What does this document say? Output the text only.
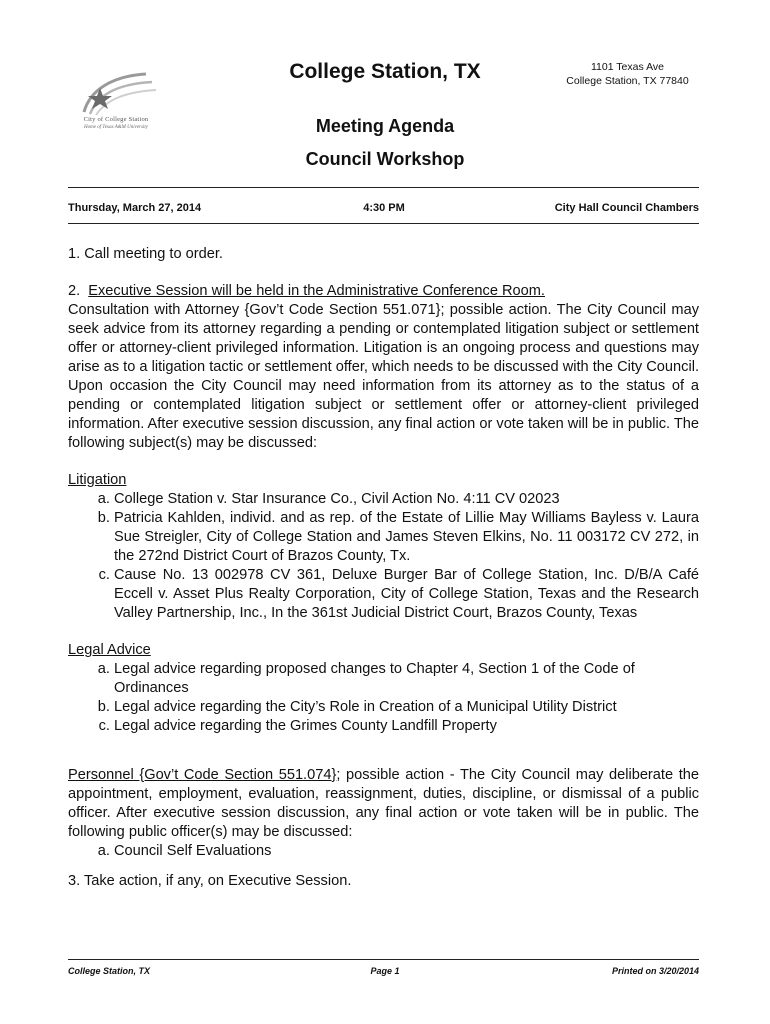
City of College Station
Home of Texas A&M University
College Station, TX	1101 Texas Ave
College Station, TX 77840
Meeting Agenda
Council Workshop
Thursday, March 27, 2014	4:30 PM	City Hall Council Chambers

1. Call meeting to order.

2.  Executive Session will be held in the Administrative Conference Room.

Consultation with Attorney {Gov’t Code Section 551.071}; possible action. The City Council may seek advice from its attorney regarding a pending or contemplated litigation subject or settlement offer or attorney-client privileged information. Litigation is an ongoing process and questions may arise as to a litigation tactic or settlement offer, which needs to be discussed with the City Council. Upon occasion the City Council may need information from its attorney as to the status of a pending or contemplated litigation subject or settlement offer or attorney-client privileged information. After executive session discussion, any final action or vote taken will be in public. The following subject(s) may be discussed:

Litigation

a. College Station v. Star Insurance Co., Civil Action No. 4:11 CV 02023
b. Patricia Kahlden, individ. and as rep. of the Estate of Lillie May Williams Bayless v. Laura Sue Streigler, City of College Station and James Steven Elkins, No. 11 003172 CV 272, in the 272nd District Court of Brazos County, Tx.
c. Cause No. 13 002978 CV 361, Deluxe Burger Bar of College Station, Inc. D/B/A Café Eccell v. Asset Plus Realty Corporation, City of College Station, Texas and the Research Valley Partnership, Inc., In the 361st Judicial District Court, Brazos County, Texas

Legal Advice

a. Legal advice regarding proposed changes to Chapter 4, Section 1 of the Code of Ordinances
b. Legal advice regarding the City’s Role in Creation of a Municipal Utility District
c. Legal advice regarding the Grimes County Landfill Property

Personnel {Gov’t Code Section 551.074}; possible action - The City Council may deliberate the appointment, employment, evaluation, reassignment, duties, discipline, or dismissal of a public officer. After executive session discussion, any final action or vote taken will be in public. The following public officer(s) may be discussed:

a. Council Self Evaluations

3. Take action, if any, on Executive Session.

College Station, TX	Page 1	Printed on 3/20/2014
